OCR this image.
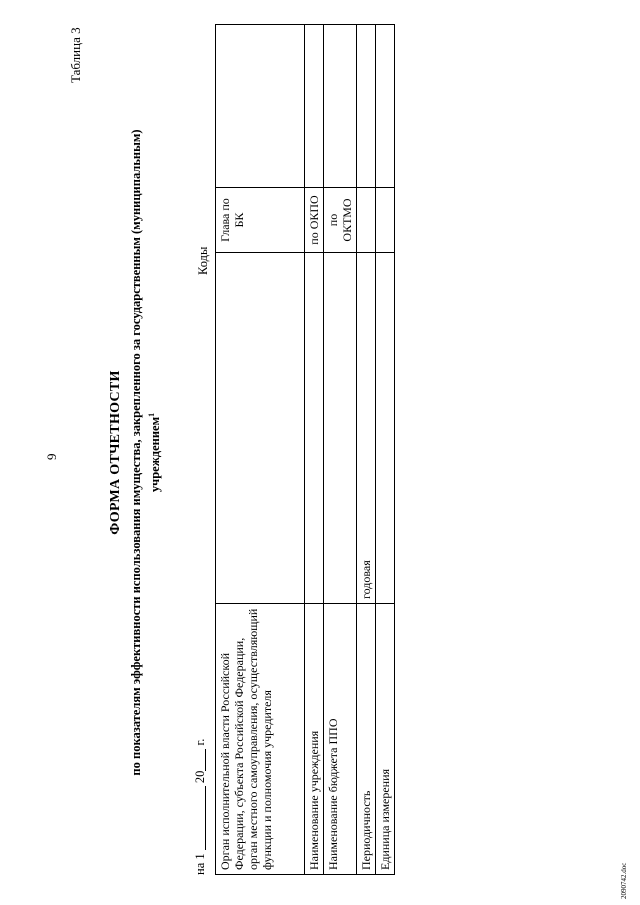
9
Таблица 3
ФОРМА ОТЧЕТНОСТИ по показателям эффективности использования имущества, закрепленного за государственным (муниципальным) учреждением$^1$
на 1  20 г.
Коды
Орган исполнительной власти Российской Федерации, субъекта Российской Федерации, орган местного самоуправления, осуществляющий функции и полномочия учредителя		Глава по БК	
Наименование учреждения		по ОКПО	
Наименование бюджета ППО		по ОКТМО	
Периодичность	годовая		
Единица измерения			
2090742.doc
